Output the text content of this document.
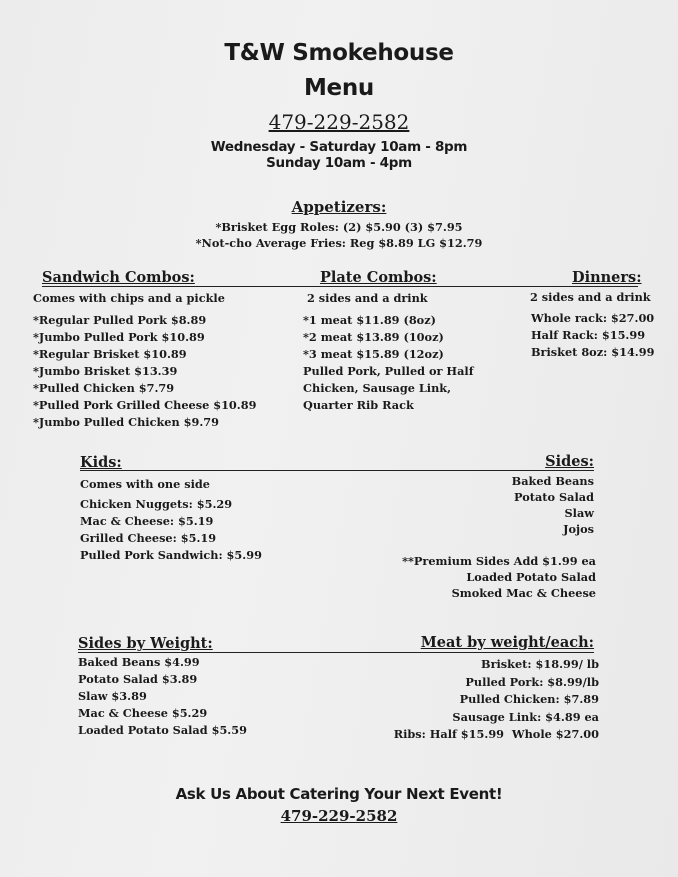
T&W Smokehouse
Menu
479-229-2582
Wednesday - Saturday 10am - 8pm
Sunday 10am - 4pm
Appetizers:
*Brisket Egg Roles: (2) $5.90 (3) $7.95
*Not-cho Average Fries: Reg $8.89 LG $12.79
Sandwich Combos:	Plate Combos:	Dinners:
Comes with chips and a pickle	2 sides and a drink	2 sides and a drink
*Regular Pulled Pork $8.89
*Jumbo Pulled Pork $10.89
*Regular Brisket $10.89
*Jumbo Brisket $13.39
*Pulled Chicken $7.79
*Pulled Pork Grilled Cheese $10.89
*Jumbo Pulled Chicken $9.79
*1 meat $11.89 (8oz)
*2 meat $13.89 (10oz)
*3 meat $15.89 (12oz)
Pulled Pork, Pulled or Half
Chicken, Sausage Link,
Quarter Rib Rack
Whole rack: $27.00
Half Rack: $15.99
Brisket 8oz: $14.99
Kids:	Sides:
Comes with one side
Chicken Nuggets: $5.29
Mac & Cheese: $5.19
Grilled Cheese: $5.19
Pulled Pork Sandwich: $5.99
Baked Beans
Potato Salad
Slaw
Jojos
**Premium Sides Add $1.99 ea
Loaded Potato Salad
Smoked Mac & Cheese
Sides by Weight:	Meat by weight/each:
Baked Beans $4.99
Potato Salad $3.89
Slaw $3.89
Mac & Cheese $5.29
Loaded Potato Salad $5.59
Brisket: $18.99/ lb
Pulled Pork: $8.99/lb
Pulled Chicken: $7.89
Sausage Link: $4.89 ea
Ribs: Half $15.99  Whole $27.00
Ask Us About Catering Your Next Event!
479-229-2582
